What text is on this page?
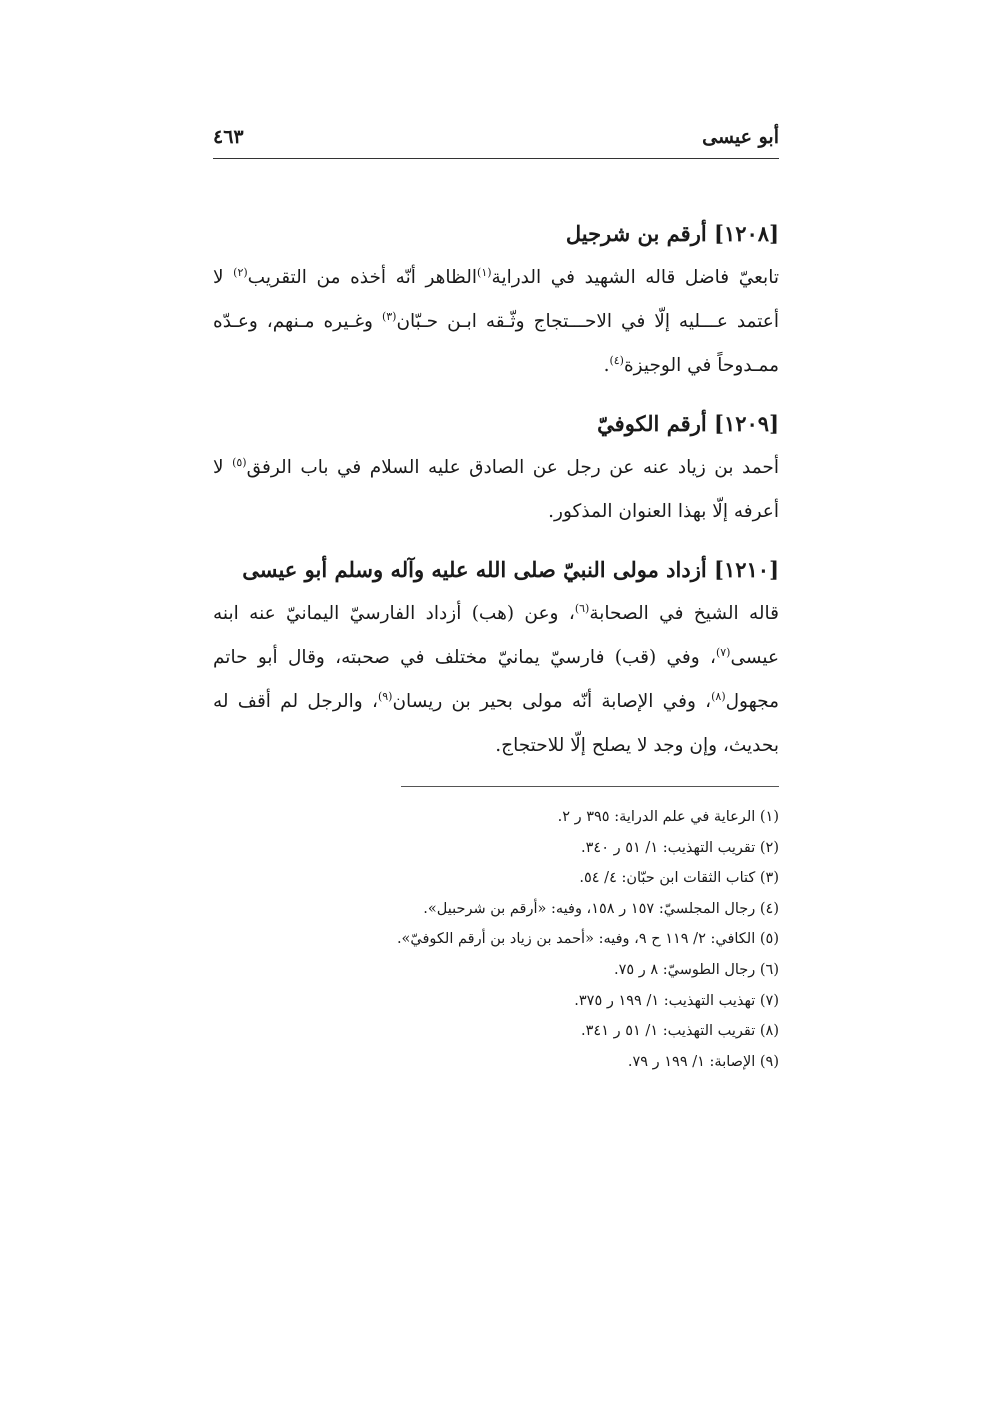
أبو عيسى
٤٦٣

[١٢٠٨] أرقم بن شرجيل

تابعيّ فاضل قاله الشهيد في الدراية$^{(١)}$الظاهر أنّه أخذه من التقريب$^{(٢)}$ لا أعتمد عـــليه إلّا في الاحـــتجاج وثّـقه ابـن حـبّان$^{(٣)}$ وغـيره مـنهم، وعـدّه ممـدوحاً في الوجيزة$^{(٤)}$.

[١٢٠٩] أرقم الكوفيّ

أحمد بن زياد عنه عن رجل عن الصادق عليه السلام في باب الرفق$^{(٥)}$ لا أعرفه إلّا بهذا العنوان المذكور.

[١٢١٠] أزداد مولى النبيّ صلى الله عليه وآله وسلم أبو عيسى

قاله الشيخ في الصحابة$^{(٦)}$، وعن (هب) أزداد الفارسيّ اليمانيّ عنه ابنه عيسى$^{(٧)}$، وفي (قب) فارسيّ يمانيّ مختلف في صحبته، وقال أبو حاتم مجهول$^{(٨)}$، وفي الإصابة أنّه مولى بحير بن ريسان$^{(٩)}$، والرجل لم أقف له بحديث، وإن وجد لا يصلح إلّا للاحتجاج.

(١) الرعاية في علم الدراية: ٣٩٥ ر ٢.
(٢) تقريب التهذيب: ١/ ٥١ ر ٣٤٠.
(٣) كتاب الثقات ابن حبّان: ٤/ ٥٤.
(٤) رجال المجلسيّ: ١٥٧ ر ١٥٨، وفيه: «أرقم بن شرحبيل».
(٥) الكافي: ٢/ ١١٩ ح ٩، وفيه: «أحمد بن زياد بن أرقم الكوفيّ».
(٦) رجال الطوسيّ: ٨ ر ٧٥.
(٧) تهذيب التهذيب: ١/ ١٩٩ ر ٣٧٥.
(٨) تقريب التهذيب: ١/ ٥١ ر ٣٤١.
(٩) الإصابة: ١/ ١٩٩ ر ٧٩.
